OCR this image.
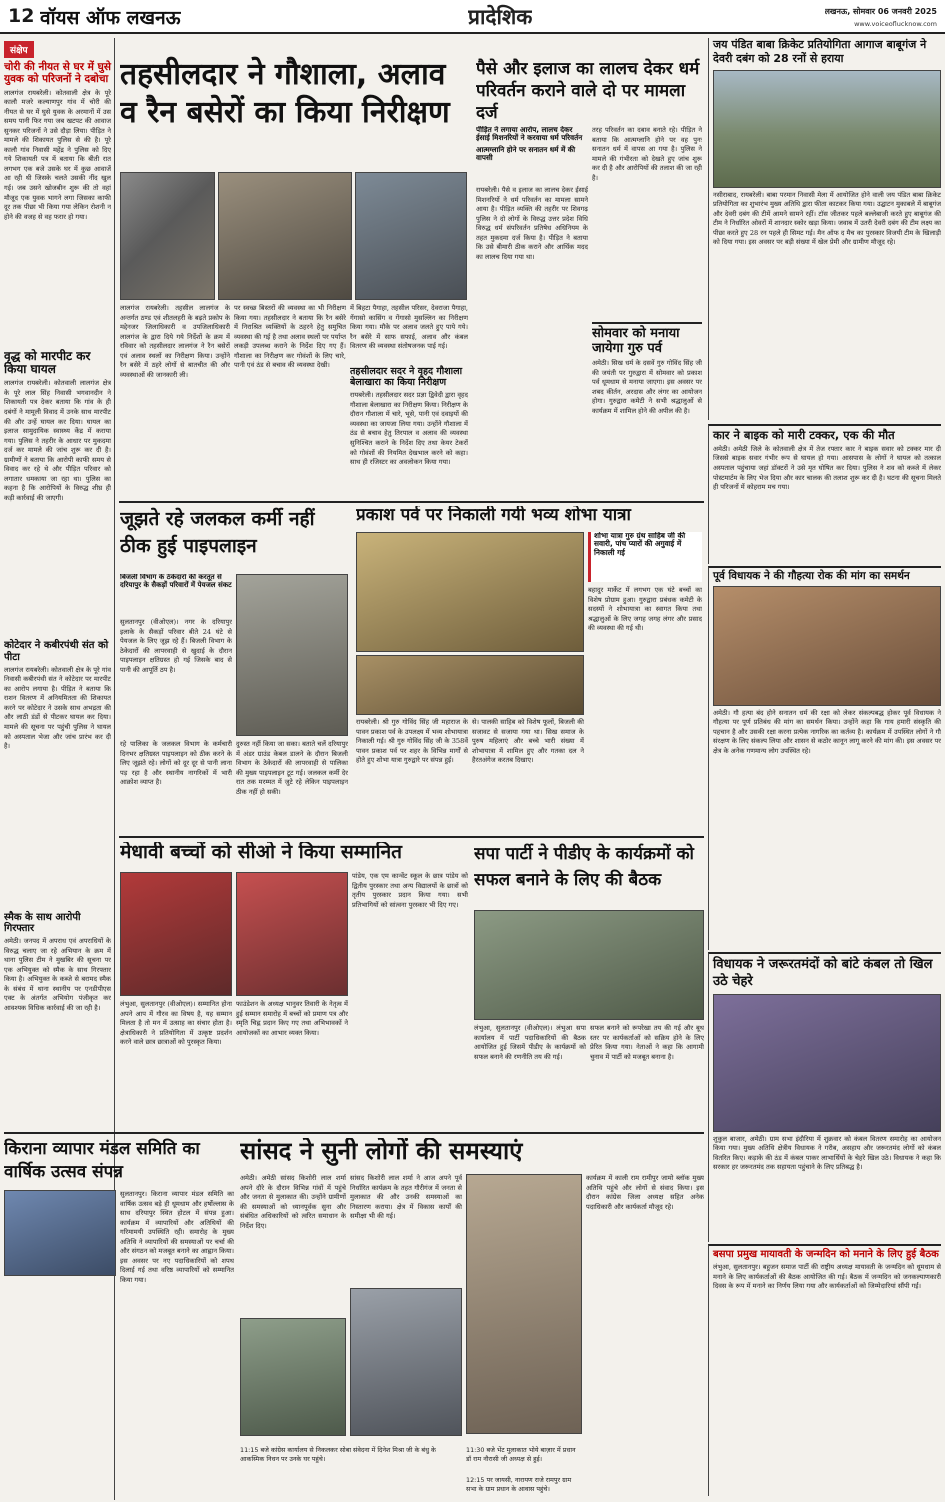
12 वॉयस ऑफ लखनऊ	प्रादेशिक	लखनऊ, सोमवार 06 जनवरी 2025
www.voiceoflucknow.com
संक्षेप
चोरी की नीयत से घर में घुसे युवक को परिजनों ने दबोचा

लालगंज रायबरेली। कोतवाली क्षेत्र के पूरे कालौ मजरे कल्याणपुर गांव में चोरी की नीयत से घर में घुसे युवक के अरमानों में उस समय पानी फिर गया जब खटपट की आवाज सुनकर परिजनों ने उसे दौड़ा लिया। पीड़ित ने मामले की शिकायत पुलिस से की है। पूरे कालौ गांव निवासी महेंद्र ने पुलिस को दिए गये शिकायती पत्र में बताया कि बीती रात लगभग एक बजे उसके घर में कुछ आवाजें आ रही थी जिसके चलते उसकी नींद खुल गई। जब उसने खोजबीन शुरू की तो वहां मौजूद एक युवक भागने लगा जिसका काफी दूर तक पीछा भी किया गया लेकिन रोशनी न होने की वजह से वह फरार हो गया।

वृद्ध को मारपीट कर किया घायल

लालगंज रायबरेली। कोतवाली लालगंज क्षेत्र के पूरे लाल सिंह निवासी भगवानदीन ने शिकायती पत्र देकर बताया कि गांव के ही दबंगों ने मामूली विवाद में उनके साथ मारपीट की और उन्हें घायल कर दिया। घायल का इलाज सामुदायिक स्वास्थ्य केंद्र में कराया गया। पुलिस ने तहरीर के आधार पर मुकदमा दर्ज कर मामले की जांच शुरू कर दी है। ग्रामीणों ने बताया कि आरोपी काफी समय से विवाद कर रहे थे और पीड़ित परिवार को लगातार धमकाया जा रहा था। पुलिस का कहना है कि आरोपियों के विरुद्ध शीघ्र ही कड़ी कार्रवाई की जाएगी।

कोटेदार ने कबीरपंथी संत को पीटा

लालगंज रायबरेली। कोतवाली क्षेत्र के पूरे गांव निवासी कबीरपंथी संत ने कोटेदार पर मारपीट का आरोप लगाया है। पीड़ित ने बताया कि राशन वितरण में अनियमितता की शिकायत करने पर कोटेदार ने उसके साथ अभद्रता की और लाठी डंडों से पीटकर घायल कर दिया। मामले की सूचना पर पहुंची पुलिस ने घायल को अस्पताल भेजा और जांच प्रारंभ कर दी है।

स्मैक के साथ आरोपी गिरफ्तार

अमेठी। जनपद में अपराध एवं अपराधियों के विरुद्ध चलाए जा रहे अभियान के क्रम में थाना पुलिस टीम ने मुखबिर की सूचना पर एक अभियुक्त को स्मैक के साथ गिरफ्तार किया है। अभियुक्त के कब्जे से बरामद स्मैक के संबंध में थाना स्थानीय पर एनडीपीएस एक्ट के अंतर्गत अभियोग पंजीकृत कर आवश्यक विधिक कार्रवाई की जा रही है।

तहसीलदार ने गौशाला, अलाव व रैन बसेरों का किया निरीक्षण

लालगंज रायबरेली। तहसील लालगंज के अन्तर्गत ठण्ड एवं शीतलहरी के बढ़ते प्रकोप के मद्देनजर जिलाधिकारी व उपजिलाधिकारी लालगंज के द्वारा दिये गये निर्देशों के क्रम में रविवार को तहसीलदार लालगंज ने रैन बसेरों एवं अलाव स्थलों का निरीक्षण किया। उन्होंने रैन बसेरे में ठहरे लोगों से बातचीत की और व्यवस्थाओं की जानकारी ली।

पर स्वच्छ बिस्तरों की व्यवस्था का भी निरीक्षण किया गया। तहसीलदार ने बताया कि रैन बसेरे में निराश्रित व्यक्तियों के ठहरने हेतु समुचित व्यवस्था की गई है तथा अलाव स्थलों पर पर्याप्त लकड़ी उपलब्ध कराने के निर्देश दिए गए हैं। गौशाला का निरीक्षण कर गोवंशों के लिए चारे, पानी एवं ठंड से बचाव की व्यवस्था देखी।

में बिहटा पैगाहा, तहसील परिसर, देवराजा पैगाहा, गेंगासो कासिंग व गेंगासो मुसल्लिन का निरीक्षण किया गया। मौके पर अलाव जलते हुए पाये गये। रैन बसेरे में साफ सफाई, अलाव और कंबल वितरण की व्यवस्था संतोषजनक पाई गई।

तहसीलदार सदर ने वृहद गौशाला बेलाखारा का किया निरीक्षण

रायबरेली। तहसीलदार सदर प्रज्ञा द्विवेदी द्वारा वृहद गौशाला बेलाखारा का निरीक्षण किया। निरीक्षण के दौरान गौशाला में चारे, भूसे, पानी एवं दवाइयों की व्यवस्था का जायजा लिया गया। उन्होंने गौशाला में ठंड से बचाव हेतु तिरपाल व अलाव की व्यवस्था सुनिश्चित कराने के निर्देश दिए तथा केयर टेकरों को गोवंशों की नियमित देखभाल करने को कहा। साथ ही रजिस्टर का अवलोकन किया गया।

पैसे और इलाज का लालच देकर धर्म परिवर्तन कराने वाले दो पर मामला दर्ज

पीड़ित ने लगाया आरोप, लालच देकर ईसाई मिशनरियों ने करवाया धर्म परिवर्तन

आत्मग्लानि होने पर सनातन धर्म में की वापसी

रायबरेली। पैसे व इलाज का लालच देकर ईसाई मिशनरियों ने धर्म परिवर्तन का मामला सामने आया है। पीड़ित व्यक्ति की तहरीर पर शिवगढ़ पुलिस ने दो लोगों के विरुद्ध उत्तर प्रदेश विधि विरुद्ध धर्म संपरिवर्तन प्रतिषेध अधिनियम के तहत मुकदमा दर्ज किया है। पीड़ित ने बताया कि उसे बीमारी ठीक कराने और आर्थिक मदद का लालच दिया गया था।

तरह परिवर्तन का दबाव बनाते रहे। पीड़ित ने बताया कि आत्मग्लानि होने पर वह पुनः सनातन धर्म में वापस आ गया है। पुलिस ने मामले की गंभीरता को देखते हुए जांच शुरू कर दी है और आरोपियों की तलाश की जा रही है।

सोमवार को मनाया जायेगा गुरु पर्व

अमेठी। सिख धर्म के दसवें गुरु गोविंद सिंह जी की जयंती पर गुरुद्वारा में सोमवार को प्रकाश पर्व धूमधाम से मनाया जाएगा। इस अवसर पर शबद कीर्तन, अरदास और लंगर का आयोजन होगा। गुरुद्वारा कमेटी ने सभी श्रद्धालुओं से कार्यक्रम में शामिल होने की अपील की है।

जय पंडित बाबा क्रिकेट प्रतियोगिता आगाज बाबूगंज ने देवरी दबंग को 28 रनों से हराया

नसीराबाद, रायबरेली। बाबा परमान निवासी मेला में आयोजित होने वाली जय पंडित बाबा क्रिकेट प्रतियोगिता का शुभारंभ मुख्य अतिथि द्वारा फीता काटकर किया गया। उद्घाटन मुकाबले में बाबूगंज और देवरी दबंग की टीमें आमने सामने रहीं। टॉस जीतकर पहले बल्लेबाजी करते हुए बाबूगंज की टीम ने निर्धारित ओवरों में शानदार स्कोर खड़ा किया। जवाब में उतरी देवरी दबंग की टीम लक्ष्य का पीछा करते हुए 28 रन पहले ही सिमट गई। मैन ऑफ द मैच का पुरस्कार विजयी टीम के खिलाड़ी को दिया गया। इस अवसर पर बड़ी संख्या में खेल प्रेमी और ग्रामीण मौजूद रहे।

कार ने बाइक को मारी टक्कर, एक की मौत

अमेठी। अमेठी जिले के कोतवाली क्षेत्र में तेज रफ्तार कार ने बाइक सवार को टक्कर मार दी जिससे बाइक सवार गंभीर रूप से घायल हो गया। आसपास के लोगों ने घायल को तत्काल अस्पताल पहुंचाया जहां डॉक्टरों ने उसे मृत घोषित कर दिया। पुलिस ने शव को कब्जे में लेकर पोस्टमार्टम के लिए भेज दिया और कार चालक की तलाश शुरू कर दी है। घटना की सूचना मिलते ही परिजनों में कोहराम मच गया।

पूर्व विधायक ने की गौहत्या रोक की मांग का समर्थन

अमेठी। गौ हत्या बंद होने सनातन धर्म की रक्षा को लेकर संकल्पबद्ध होकर पूर्व विधायक ने गौहत्या पर पूर्ण प्रतिबंध की मांग का समर्थन किया। उन्होंने कहा कि गाय हमारी संस्कृति की पहचान है और उसकी रक्षा करना प्रत्येक नागरिक का कर्तव्य है। कार्यक्रम में उपस्थित लोगों ने गौ संरक्षण के लिए संकल्प लिया और शासन से कठोर कानून लागू करने की मांग की। इस अवसर पर क्षेत्र के अनेक गणमान्य लोग उपस्थित रहे।

विधायक ने जरूरतमंदों को बांटे कंबल तो खिल उठे चेहरे

शुकुल बाजार, अमेठी। ग्राम सभा इंदौरिया में शुक्रवार को कंबल वितरण समारोह का आयोजन किया गया। मुख्य अतिथि क्षेत्रीय विधायक ने गरीब, असहाय और जरूरतमंद लोगों को कंबल वितरित किए। कड़ाके की ठंड में कंबल पाकर लाभार्थियों के चेहरे खिल उठे। विधायक ने कहा कि सरकार हर जरूरतमंद तक सहायता पहुंचाने के लिए प्रतिबद्ध है।

बसपा प्रमुख मायावती के जन्मदिन को मनाने के लिए हुई बैठक

लंभुआ, सुलतानपुर। बहुजन समाज पार्टी की राष्ट्रीय अध्यक्ष मायावती के जन्मदिन को धूमधाम से मनाने के लिए कार्यकर्ताओं की बैठक आयोजित की गई। बैठक में जन्मदिन को जनकल्याणकारी दिवस के रूप में मनाने का निर्णय लिया गया और कार्यकर्ताओं को जिम्मेदारियां सौंपी गईं।

जूझते रहे जलकल कर्मी नहीं ठीक हुई पाइपलाइन

बिजली विभाग के ठेकेदारों की करतूत से दरियापुर के सैकड़ों परिवारों में पेयजल संकट

सुलतानपुर (वीओएल)। नगर के दरियापुर इलाके के सैकड़ों परिवार बीते 24 घंटे से पेयजल के लिए जूझ रहे हैं। बिजली विभाग के ठेकेदारों की लापरवाही से खुदाई के दौरान पाइपलाइन क्षतिग्रस्त हो गई जिसके बाद से पानी की आपूर्ति ठप है।

दुरुस्त नहीं किया जा सका। बताते चलें दरियापुर में अंडर ग्राउंड केबल डालने के दौरान बिजली विभाग के ठेकेदारों की लापरवाही से पालिका की मुख्य पाइपलाइन टूट गई। जलकल कर्मी देर रात तक मरम्मत में जुटे रहे लेकिन पाइपलाइन ठीक नहीं हो सकी।

रहे पालिका के जलकल विभाग के कर्मचारी दिनभर क्षतिग्रस्त पाइपलाइन को ठीक करने के लिए जूझते रहे। लोगों को दूर दूर से पानी लाना पड़ रहा है और स्थानीय नागरिकों में भारी आक्रोश व्याप्त है।

प्रकाश पर्व पर निकाली गयी भव्य शोभा यात्रा

शोभा यात्रा गुरु ग्रंथ साहिब जी की सवारी, पांच प्यारों की अगुवाई में निकाली गई

बहादुर मार्केट में लगभग एक घंटे बच्चों का विशेष प्रोग्राम हुआ। गुरुद्वारा प्रबंधक कमेटी के सदस्यों ने शोभायात्रा का स्वागत किया तथा श्रद्धालुओं के लिए जगह जगह लंगर और प्रसाद की व्यवस्था की गई थी।

रायबरेली। श्री गुरु गोविंद सिंह जी महाराज के पावन प्रकाश पर्व के उपलक्ष्य में भव्य शोभायात्रा निकाली गई। श्री गुरु गोविंद सिंह जी के 358वें पावन प्रकाश पर्व पर शहर के विभिन्न मार्गों से होते हुए शोभा यात्रा गुरुद्वारे पर संपन्न हुई।

से। पालकी साहिब को विशेष फूलों, बिजली की सजावट से सजाया गया था। सिख समाज के पुरुष महिलाएं और बच्चे भारी संख्या में शोभायात्रा में शामिल हुए और गतका दल ने हैरतअंगेज करतब दिखाए।

मेधावी बच्चों को सीओ ने किया सम्मानित

पांडेय, एक एम कान्वेंट स्कूल के छात्र पांडेय को द्वितीय पुरस्कार तथा अन्य विद्यालयों के छात्रों को तृतीय पुरस्कार प्रदान किया गया। सभी प्रतिभागियों को सांत्वना पुरस्कार भी दिए गए।

लंभुआ, सुलतानपुर (वीओएल)। सम्मानित होना अपने आप में गौरव का विषय है, यह सम्मान मिलता है तो मन में उत्साह का संचार होता है। क्षेत्राधिकारी ने प्रतियोगिता में उत्कृष्ट प्रदर्शन करने वाले छात्र छात्राओं को पुरस्कृत किया।

फाउंडेशन के अध्यक्ष भानुवर तिवारी के नेतृत्व में हुई सम्मान समारोह में बच्चों को प्रमाण पत्र और स्मृति चिह्न प्रदान किए गए तथा अभिभावकों ने आयोजकों का आभार व्यक्त किया।

सपा पार्टी ने पीडीए के कार्यक्रमों को सफल बनाने के लिए की बैठक

लंभुआ, सुलतानपुर (वीओएल)। लंभुआ सपा कार्यालय में पार्टी पदाधिकारियों की बैठक आयोजित हुई जिसमें पीडीए के कार्यक्रमों को सफल बनाने की रणनीति तय की गई।

सफल बनाने को रूपरेखा तय की गई और बूथ स्तर पर कार्यकर्ताओं को सक्रिय होने के लिए प्रेरित किया गया। नेताओं ने कहा कि आगामी चुनाव में पार्टी को मजबूत बनाना है।

किराना व्यापार मंडल समिति का वार्षिक उत्सव संपन्न

सुलतानपुर। किराना व्यापार मंडल समिति का वार्षिक उत्सव बड़े ही धूमधाम और हर्षोल्लास के साथ दरियापुर स्थित होटल में संपन्न हुआ। कार्यक्रम में व्यापारियों और अतिथियों की गरिमामयी उपस्थिति रही। समारोह के मुख्य अतिथि ने व्यापारियों की समस्याओं पर चर्चा की और संगठन को मजबूत बनाने का आह्वान किया। इस अवसर पर नए पदाधिकारियों को शपथ दिलाई गई तथा वरिष्ठ व्यापारियों को सम्मानित किया गया।

सांसद ने सुनी लोगों की समस्याएं

अमेठी। अमेठी सांसद किशोरी लाल शर्मा अपने दौरे के दौरान विभिन्न गांवों में पहुंचे और जनता से मुलाकात की। उन्होंने ग्रामीणों की समस्याओं को ध्यानपूर्वक सुना और संबंधित अधिकारियों को त्वरित समाधान के निर्देश दिए।

सांसद किशोरी लाल शर्मा ने आज अपने पूर्व निर्धारित कार्यक्रम के तहत गौरीगंज में जनता से मुलाकात की और उनकी समस्याओं का निस्तारण कराया। क्षेत्र में विकास कार्यों की समीक्षा भी की गई।

कार्यक्रम में काली राम रामीपुर जामो ब्लॉक मुख्य अतिथि पहुंचे और लोगों से संवाद किया। इस दौरान कांग्रेस जिला अध्यक्ष सहित अनेक पदाधिकारी और कार्यकर्ता मौजूद रहे।

11:15 बजे कांग्रेस कार्यालय से निकलकर सोबा संवेदना में दिनेश मिश्रा जी के बंधु के आकस्मिक निधन पर उनके घर पहुंचे।

11:30 बजे भेंट मुलाकात भोये बाज़ार में प्रधान डॉ राम नौरासी जी अध्यक्ष से हुई।

12:15 पर जायसी, नारायण राजे रामपुर ग्राम सभा के ग्राम प्रधान के आवास पहुंचे।
